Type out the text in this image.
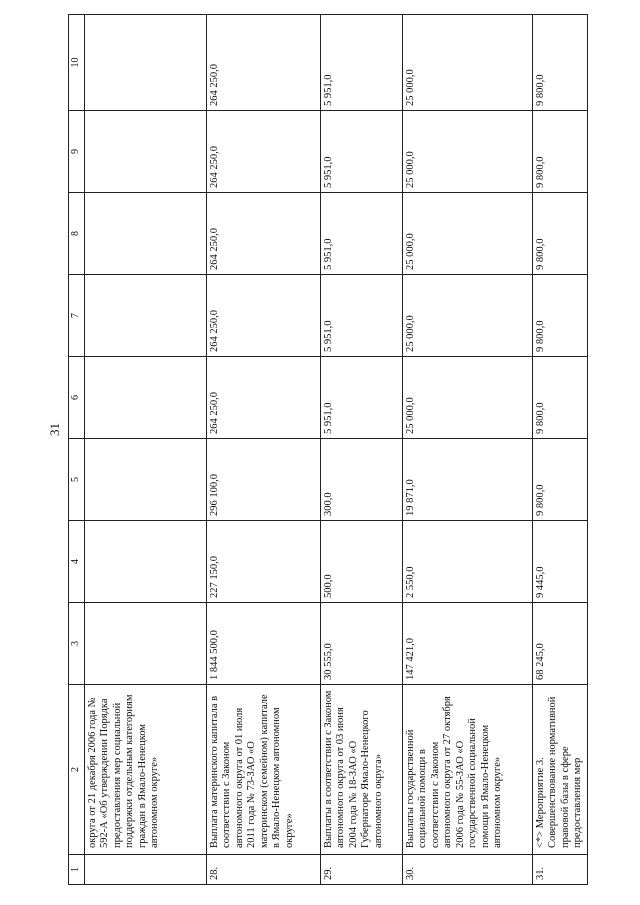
31
1	2	3	4	5	6	7	8	9	10
	округа от 21 декабря 2006 года № 592-А «Об утверждении Порядка предоставления мер социальной поддержки отдельным категориям граждан в Ямало-Ненецком автономном округе»								
28.	Выплата материнского капитала в соответствии с Законом автономного округа от 01 июля 2011 года № 73-ЗАО «О материнском (семейном) капитале в Ямало-Ненецком автономном округе»	1 844 500,0	227 150,0	296 100,0	264 250,0	264 250,0	264 250,0	264 250,0	264 250,0
29.	Выплаты в соответствии с Законом автономного округа от 03 июня 2004 года № 18-ЗАО «О Губернаторе Ямало-Ненецкого автономного округа»	30 555,0	500,0	300,0	5 951,0	5 951,0	5 951,0	5 951,0	5 951,0
30.	Выплаты государственной социальной помощи в соответствии с Законом автономного округа от 27 октября 2006 года № 55-ЗАО «О государственной социальной помощи в Ямало-Ненецком автономном округе»	147 421,0	2 550,0	19 871,0	25 000,0	25 000,0	25 000,0	25 000,0	25 000,0
31.	<*> Мероприятие 3. Совершенствование нормативной правовой базы в сфере предоставления мер	68 245,0	9 445,0	9 800,0	9 800,0	9 800,0	9 800,0	9 800,0	9 800,0
